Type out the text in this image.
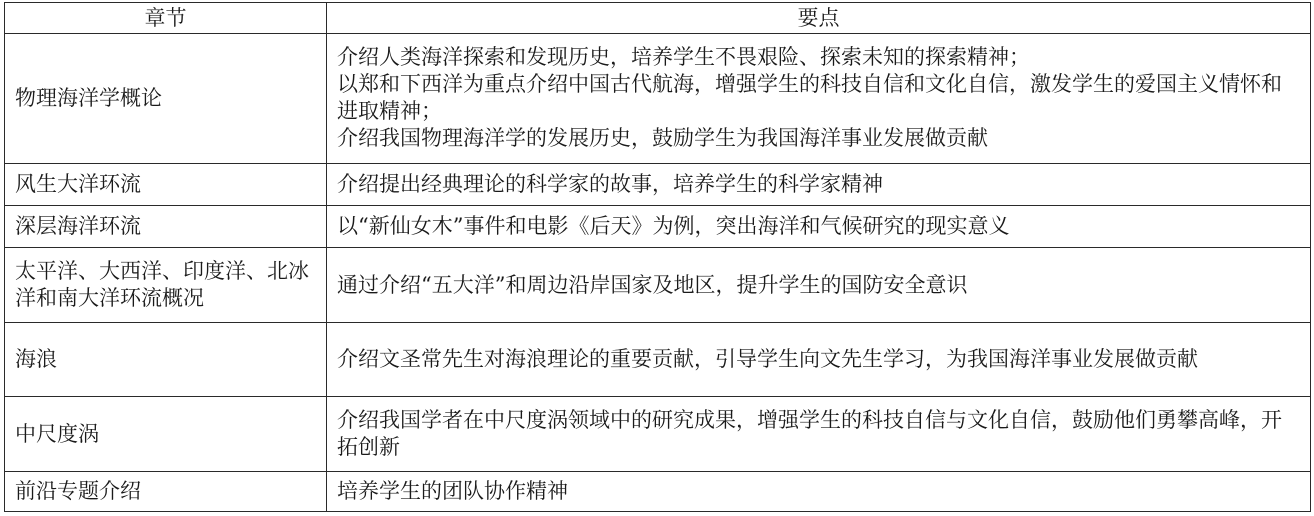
章节	要点
物理海洋学概论	介绍人类海洋探索和发现历史，培养学生不畏艰险、探索未知的探索精神；
以郑和下西洋为重点介绍中国古代航海，增强学生的科技自信和文化自信，激发学生的爱国主义情怀和进取精神；
介绍我国物理海洋学的发展历史，鼓励学生为我国海洋事业发展做贡献

风生大洋环流	介绍提出经典理论的科学家的故事，培养学生的科学家精神

深层海洋环流	以“新仙女木”事件和电影《后天》为例，突出海洋和气候研究的现实意义

太平洋、大西洋、印度洋、北冰洋和南大洋环流概况	通过介绍“五大洋”和周边沿岸国家及地区，提升学生的国防安全意识

海浪	介绍文圣常先生对海浪理论的重要贡献，引导学生向文先生学习，为我国海洋事业发展做贡献

中尺度涡	介绍我国学者在中尺度涡领域中的研究成果，增强学生的科技自信与文化自信，鼓励他们勇攀高峰，开拓创新

前沿专题介绍	培养学生的团队协作精神
